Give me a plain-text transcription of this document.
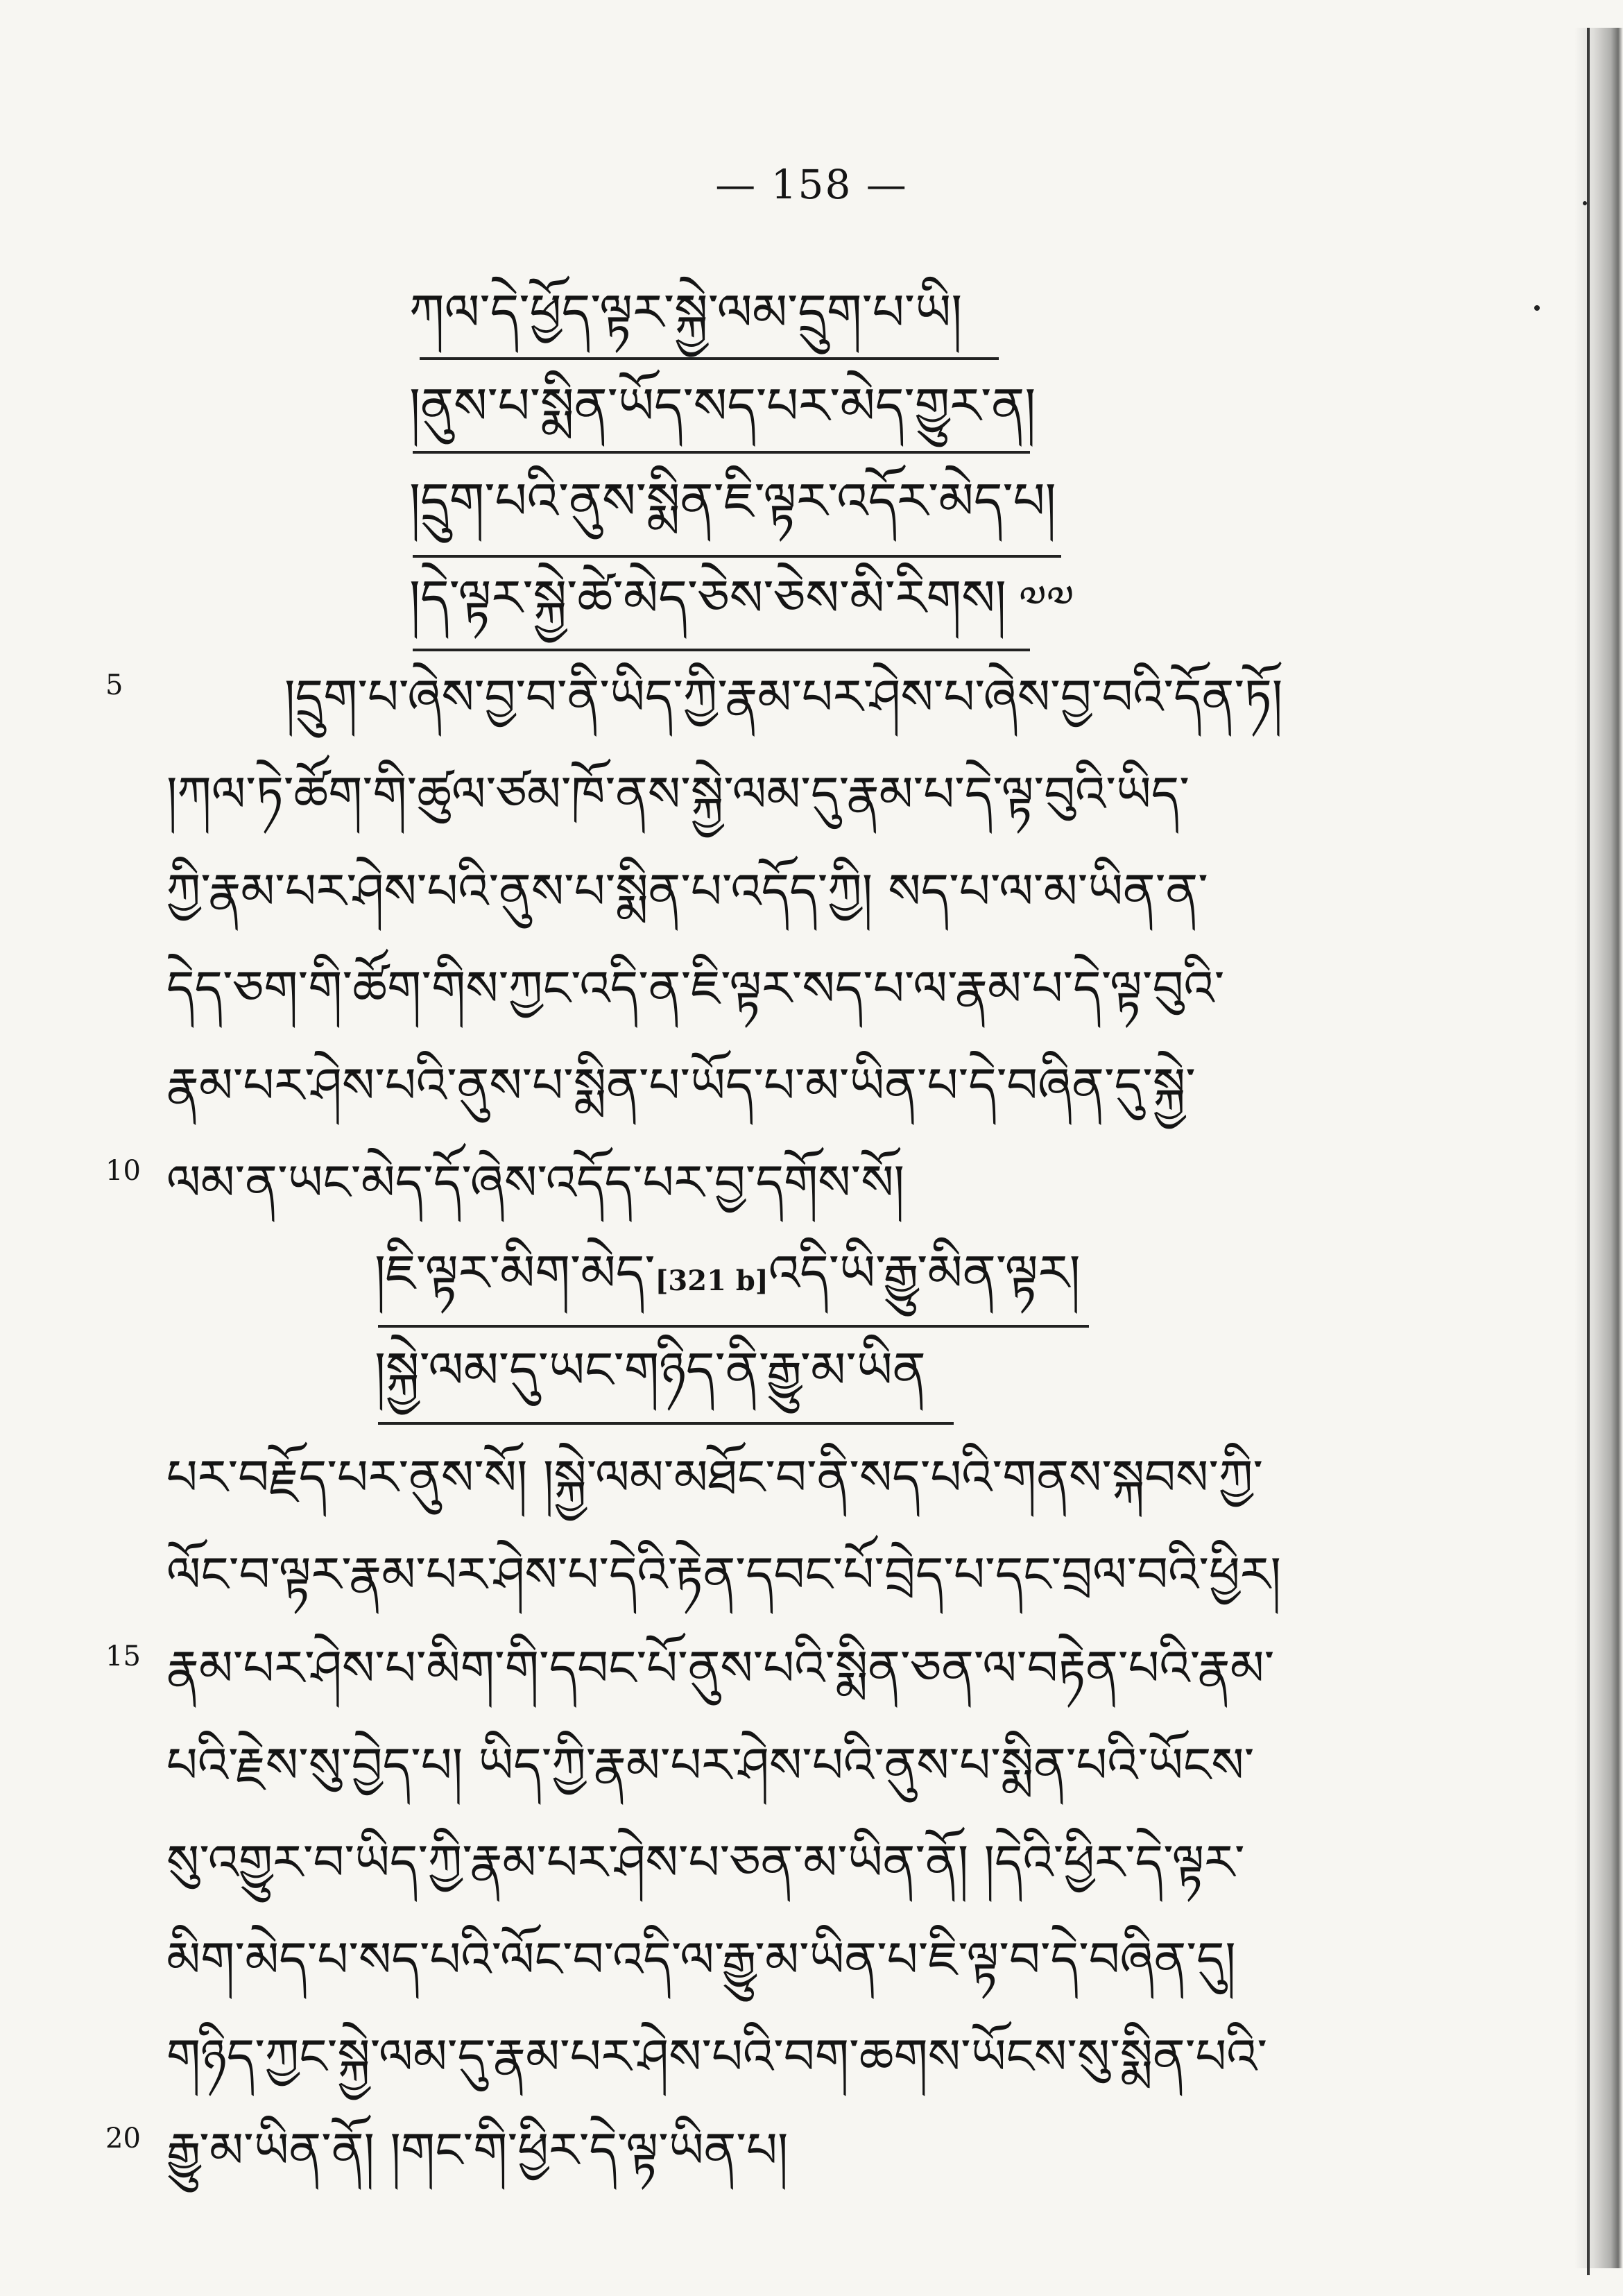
— 158 —
ཀལ་དེ་ཕྱོད་ལྟར་སྐྱེ་ལམ་དྲུག་པ་ཡི།
།ནུས་པ་སྨིན་ཡོད་སད་པར་མེད་གྱུར་ན།
།དྲུག་པའི་ནུས་སྨིན་ཇི་ལྟར་འདོར་མེད་པ།
།དེ་ལྟར་སྐྱེ་ཚེ་མེད་ཅེས་ཅེས་མི་རིགས། ༧༧
5	།དྲུག་པ་ཞེས་བྱ་བ་ནི་ཡིད་ཀྱི་རྣམ་པར་ཤེས་པ་ཞེས་བྱ་བའི་དོན་ཏོ།
།ཀལ་ཏེ་ཚོག་གི་ཚུལ་ཙམ་ཁོ་ནས་སྐྱེ་ལམ་དུ་རྣམ་པ་དེ་ལྟ་བུའི་ཡིད་
ཀྱི་རྣམ་པར་ཤེས་པའི་ནུས་པ་སྨིན་པ་འདོད་ཀྱི། སད་པ་ལ་མ་ཡིན་ན་
དེད་ཅག་གི་ཚོག་གིས་ཀྱང་འདི་ན་ཇི་ལྟར་སད་པ་ལ་རྣམ་པ་དེ་ལྟ་བུའི་
རྣམ་པར་ཤེས་པའི་ནུས་པ་སྨིན་པ་ཡོད་པ་མ་ཡིན་པ་དེ་བཞིན་དུ་སྐྱེ་
10 ལམ་ན་ཡང་མེད་དོ་ཞེས་འདོད་པར་བྱ་དགོས་སོ།
།ཇི་ལྟར་མིག་མེད་[321 b]འདི་ཡི་རྒྱུ་མིན་ལྟར།
།སྐྱེ་ལམ་དུ་ཡང་གཉིད་ནི་རྒྱུ་མ་ཡིན
པར་བརྗོད་པར་ནུས་སོ། །སྐྱེ་ལམ་མཐོང་བ་ནི་སད་པའི་གནས་སྐབས་ཀྱི་
ལོང་བ་ལྟར་རྣམ་པར་ཤེས་པ་དེའི་རྟེན་དབང་པོ་བྲེད་པ་དང་བྲལ་བའི་ཕྱིར།
15 རྣམ་པར་ཤེས་པ་མིག་གི་དབང་པོ་ནུས་པའི་སྨིན་ཅན་ལ་བརྟེན་པའི་རྣམ་
པའི་རྗེས་སུ་བྱེད་པ། ཡིད་ཀྱི་རྣམ་པར་ཤེས་པའི་ནུས་པ་སྨིན་པའི་ཡོངས་
སུ་འགྱུར་བ་ཡིད་ཀྱི་རྣམ་པར་ཤེས་པ་ཅན་མ་ཡིན་ནོ། །དེའི་ཕྱིར་དེ་ལྟར་
མིག་མེད་པ་སད་པའི་ལོང་བ་འདི་ལ་རྒྱུ་མ་ཡིན་པ་ཇི་ལྟ་བ་དེ་བཞིན་དུ།
གཉིད་ཀྱང་སྐྱེ་ལམ་དུ་རྣམ་པར་ཤེས་པའི་བག་ཆགས་ཡོངས་སུ་སྨིན་པའི་
20 རྒྱུ་མ་ཡིན་ནོ། །གང་གི་ཕྱིར་དེ་ལྟ་ཡིན་པ།
